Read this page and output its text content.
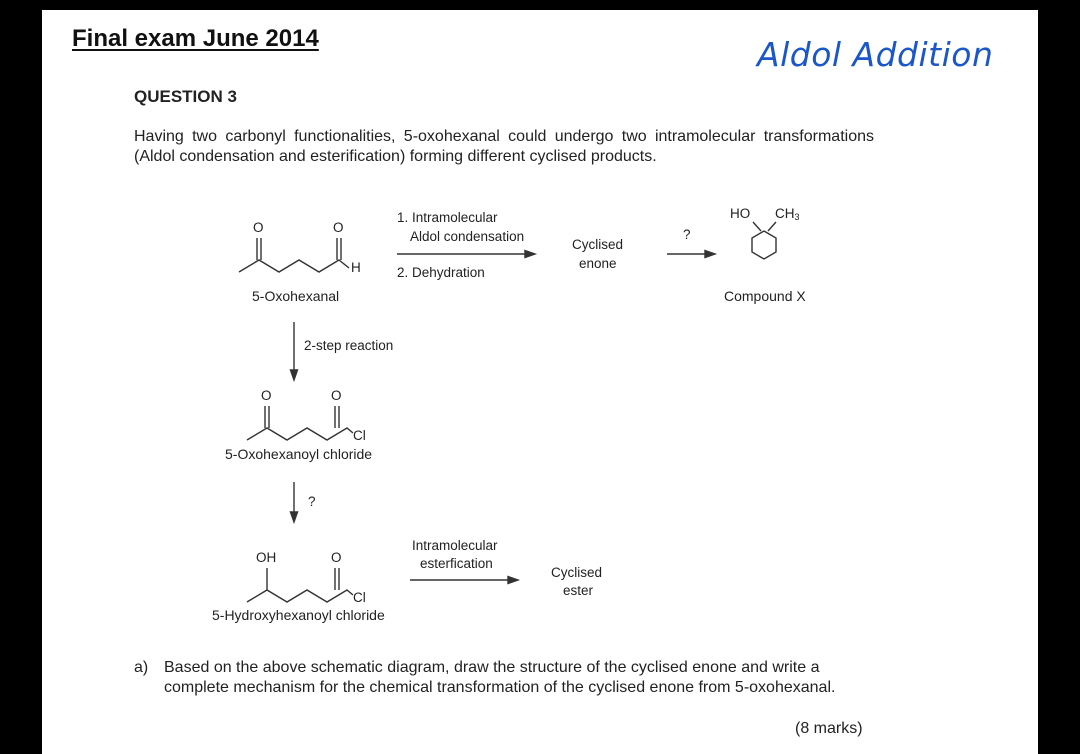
Final exam June 2014	Aldol Addition
QUESTION 3
Having two carbonyl functionalities, 5-oxohexanal could undergo two intramolecular transformations (Aldol condensation and esterification) forming different cyclised products.
O	O
H
5-Oxohexanal
1. Intramolecular
Aldol condensation
2. Dehydration
Cyclised
enone
?
HO $CH_3$
Compound X
2-step reaction
O	O
Cl
5-Oxohexanoyl chloride
?
OH	O
Cl
5-Hydroxyhexanoyl chloride
Intramolecular
esterfication
Cyclised
ester
a) Based on the above schematic diagram, draw the structure of the cyclised enone and write a complete mechanism for the chemical transformation of the cyclised enone from 5-oxohexanal.
(8 marks)
